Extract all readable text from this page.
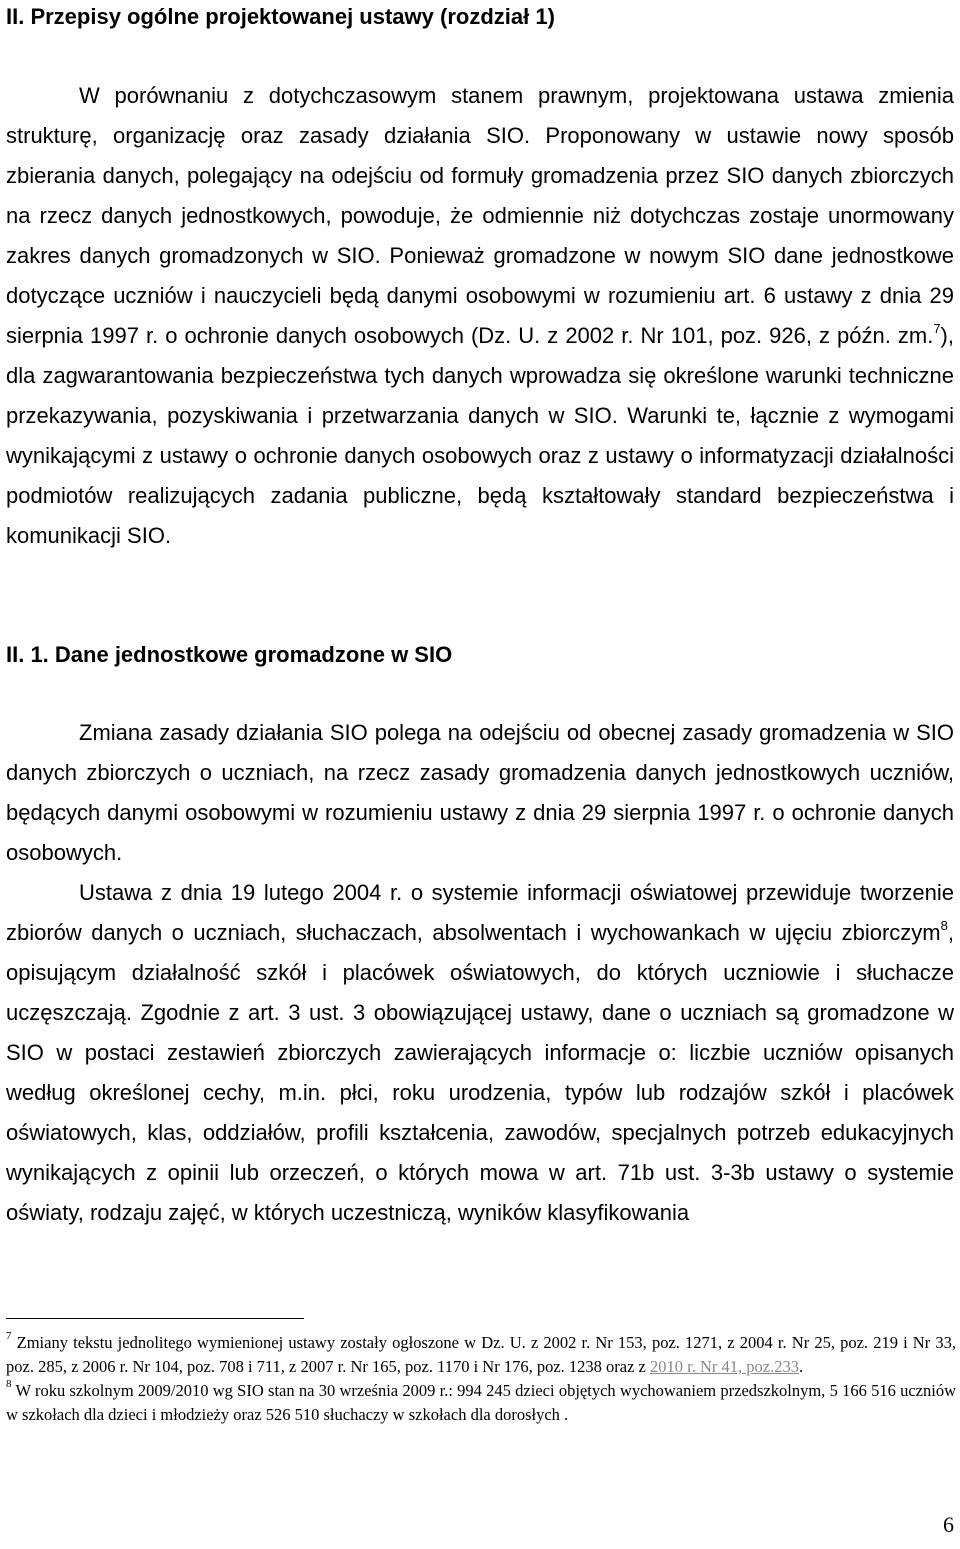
II. Przepisy ogólne projektowanej ustawy (rozdział 1)

W porównaniu z dotychczasowym stanem prawnym, projektowana ustawa zmienia strukturę, organizację oraz zasady działania SIO. Proponowany w ustawie nowy sposób zbierania danych, polegający na odejściu od formuły gromadzenia przez SIO danych zbiorczych na rzecz danych jednostkowych, powoduje, że odmiennie niż dotychczas zostaje unormowany zakres danych gromadzonych w SIO. Ponieważ gromadzone w nowym SIO dane jednostkowe dotyczące uczniów i nauczycieli będą danymi osobowymi w rozumieniu art. 6 ustawy z dnia 29 sierpnia 1997 r. o ochronie danych osobowych (Dz. U. z 2002 r. Nr 101, poz. 926, z późn. zm.$^7$), dla zagwarantowania bezpieczeństwa tych danych wprowadza się określone warunki techniczne przekazywania, pozyskiwania i przetwarzania danych w SIO. Warunki te, łącznie z wymogami wynikającymi z ustawy o ochronie danych osobowych oraz z ustawy o informatyzacji działalności podmiotów realizujących zadania publiczne, będą kształtowały standard bezpieczeństwa i komunikacji SIO.

II. 1. Dane jednostkowe gromadzone w SIO

Zmiana zasady działania SIO polega na odejściu od obecnej zasady gromadzenia w SIO danych zbiorczych o uczniach, na rzecz zasady gromadzenia danych jednostkowych uczniów, będących danymi osobowymi w rozumieniu ustawy z dnia 29 sierpnia 1997 r. o ochronie danych osobowych.

Ustawa z dnia 19 lutego 2004 r. o systemie informacji oświatowej przewiduje tworzenie zbiorów danych o uczniach, słuchaczach, absolwentach i wychowankach w ujęciu zbiorczym$^8$, opisującym działalność szkół i placówek oświatowych, do których uczniowie i słuchacze uczęszczają. Zgodnie z art. 3 ust. 3 obowiązującej ustawy, dane o uczniach są gromadzone w SIO w postaci zestawień zbiorczych zawierających informacje o: liczbie uczniów opisanych według określonej cechy, m.in. płci, roku urodzenia, typów lub rodzajów szkół i placówek oświatowych, klas, oddziałów, profili kształcenia, zawodów, specjalnych potrzeb edukacyjnych wynikających z opinii lub orzeczeń, o których mowa w art. 71b ust. 3-3b ustawy o systemie oświaty, rodzaju zajęć, w których uczestniczą, wyników klasyfikowania

$^7$ Zmiany tekstu jednolitego wymienionej ustawy zostały ogłoszone w Dz. U. z 2002 r. Nr 153, poz. 1271, z 2004 r. Nr 25, poz. 219 i Nr 33, poz. 285, z 2006 r. Nr 104, poz. 708 i 711, z 2007 r. Nr 165, poz. 1170 i Nr 176, poz. 1238 oraz z 2010 r. Nr 41, poz.233.

$^8$ W roku szkolnym 2009/2010 wg SIO stan na 30 września 2009 r.: 994 245 dzieci objętych wychowaniem przedszkolnym, 5 166 516 uczniów w szkołach dla dzieci i młodzieży oraz 526 510 słuchaczy w szkołach dla dorosłych .

6
